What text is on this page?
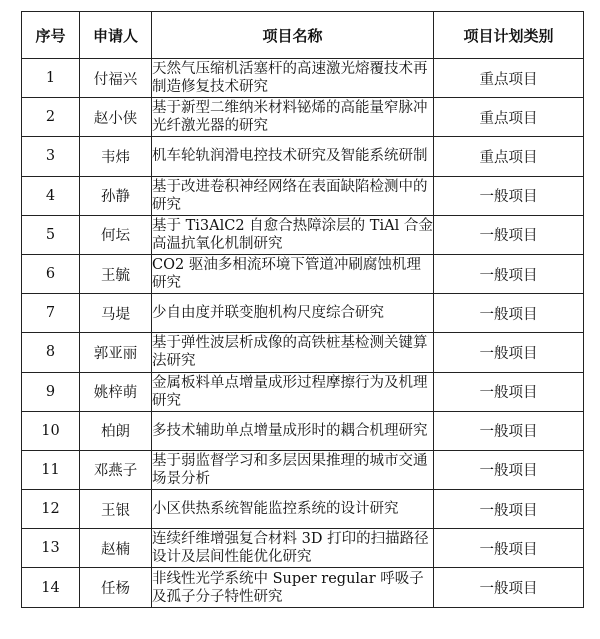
序号	申请人	项目名称	项目计划类别
1	付福兴	天然气压缩机活塞杆的高速激光熔覆技术再制造修复技术研究	重点项目
2	赵小侠	基于新型二维纳米材料铋烯的高能量窄脉冲光纤激光器的研究	重点项目
3	韦炜	机车轮轨润滑电控技术研究及智能系统研制	重点项目
4	孙静	基于改进卷积神经网络在表面缺陷检测中的研究	一般项目
5	何坛	基于 Ti3AlC2 自愈合热障涂层的 TiAl 合金高温抗氧化机制研究	一般项目
6	王毓	CO2 驱油多相流环境下管道冲刷腐蚀机理研究	一般项目
7	马堤	少自由度并联变胞机构尺度综合研究	一般项目
8	郭亚丽	基于弹性波层析成像的高铁桩基检测关键算法研究	一般项目
9	姚梓萌	金属板料单点增量成形过程摩擦行为及机理研究	一般项目
10	柏朗	多技术辅助单点增量成形时的耦合机理研究	一般项目
11	邓燕子	基于弱监督学习和多层因果推理的城市交通场景分析	一般项目
12	王银	小区供热系统智能监控系统的设计研究	一般项目
13	赵楠	连续纤维增强复合材料 3D 打印的扫描路径设计及层间性能优化研究	一般项目
14	任杨	非线性光学系统中 Super regular 呼吸子及孤子分子特性研究	一般项目
